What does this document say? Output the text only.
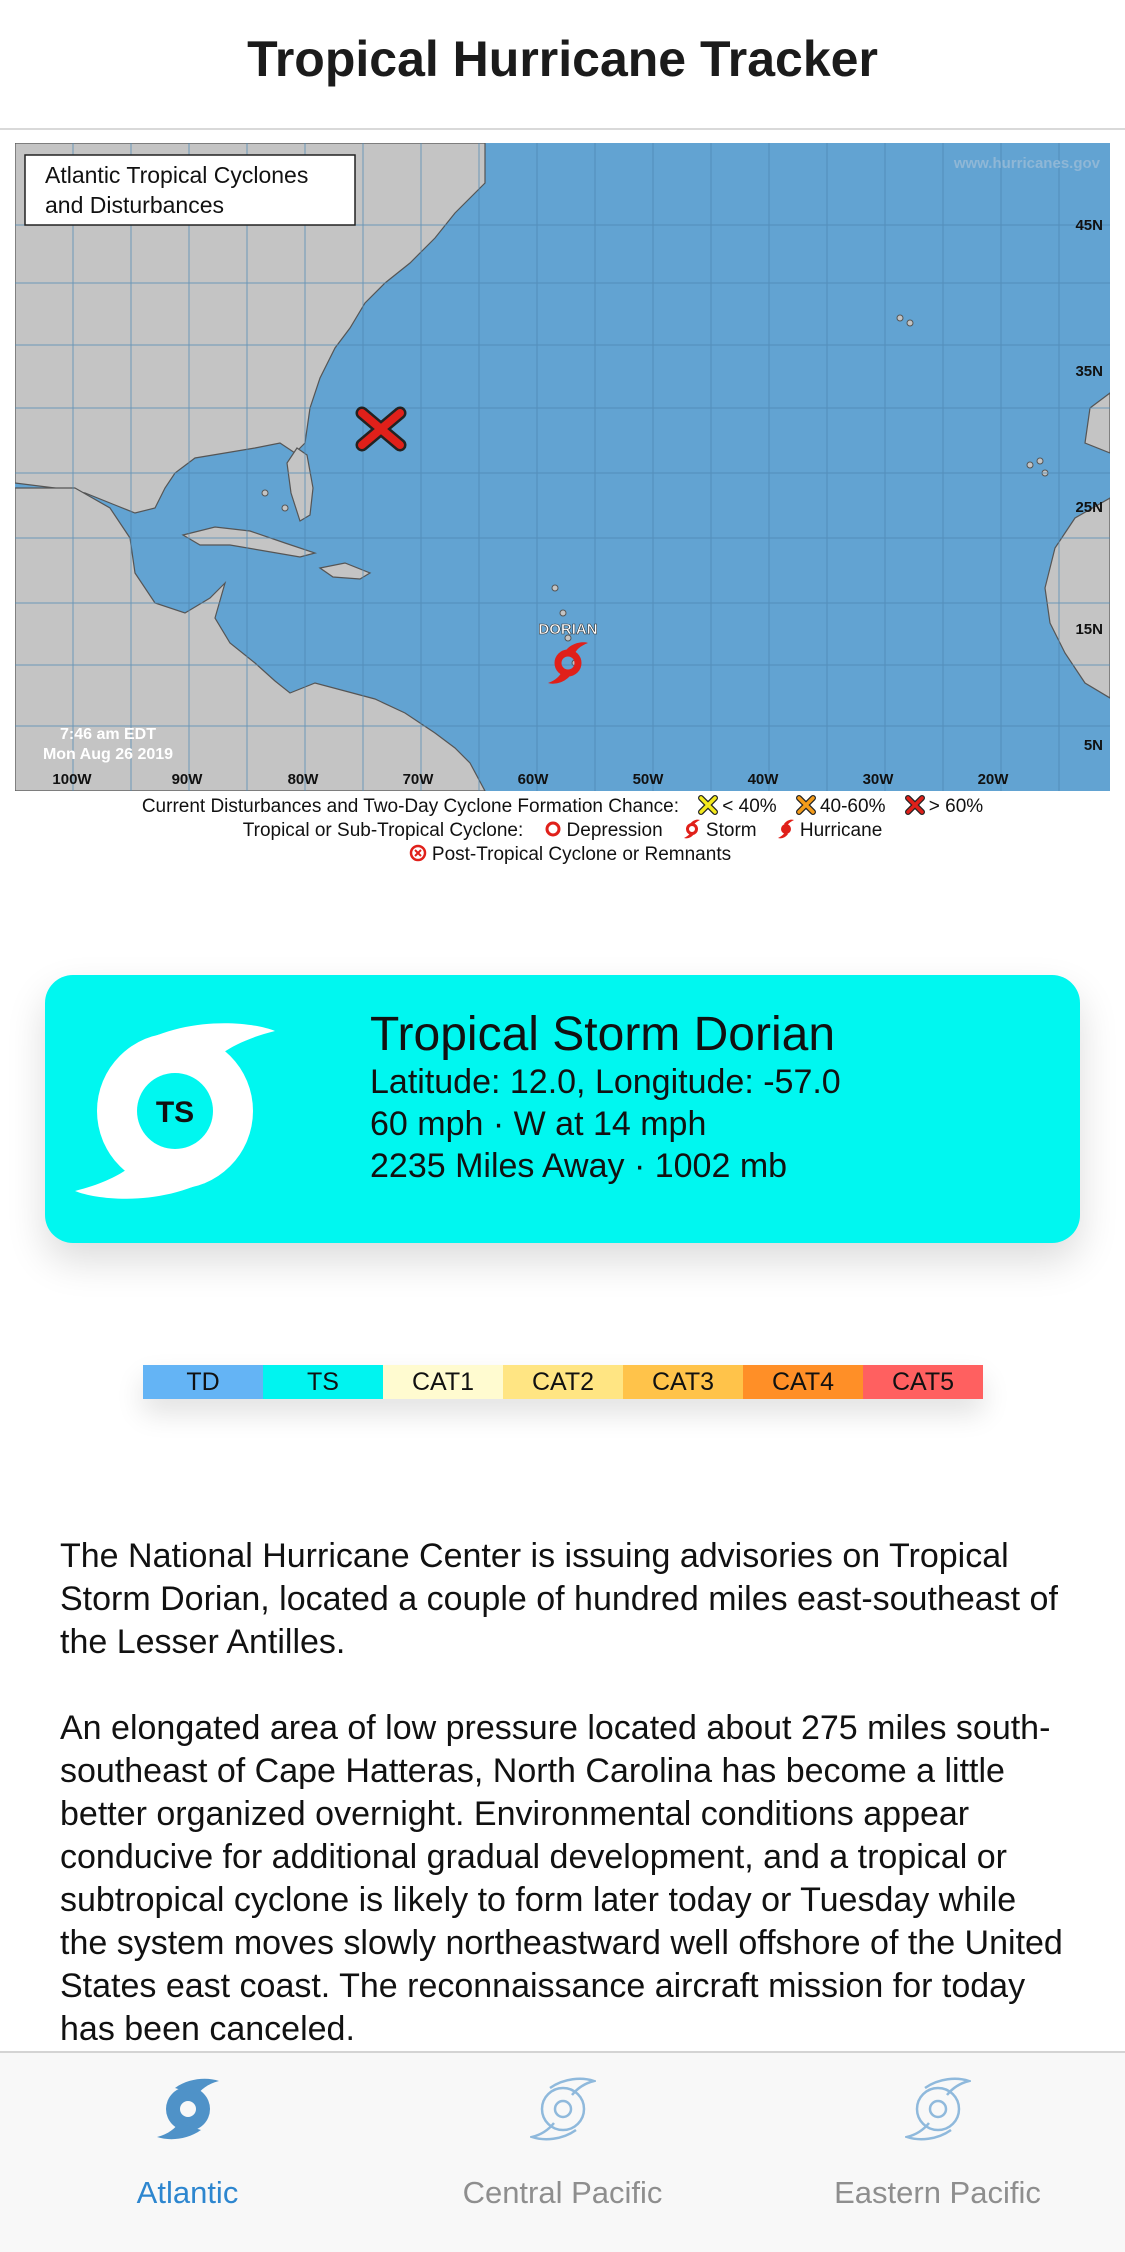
Tropical Hurricane Tracker
Atlantic Tropical Cyclones
and Disturbances
www.hurricanes.gov
45N
35N
25N
15N
5N
100W	90W	80W	70W	60W	50W	40W	30W	20W
7:46 am EDT
Mon Aug 26 2019
DORIAN
Current Disturbances and Two-Day Cyclone Formation Chance: < 40% 40-60% > 60%
Tropical or Sub-Tropical Cyclone: Depression Storm Hurricane
Post-Tropical Cyclone or Remnants
TS
Tropical Storm Dorian
Latitude: 12.0, Longitude: -57.0
60 mph · W at 14 mph
2235 Miles Away · 1002 mb
TD	TS	CAT1	CAT2	CAT3	CAT4	CAT5

The National Hurricane Center is issuing advisories on Tropical Storm Dorian, located a couple of hundred miles east-southeast of the Lesser Antilles.

An elongated area of low pressure located about 275 miles south- southeast of Cape Hatteras, North Carolina has become a little better organized overnight. Environmental conditions appear conducive for additional gradual development, and a tropical or subtropical cyclone is likely to form later today or Tuesday while the system moves slowly northeastward well offshore of the United States east coast. The reconnaissance aircraft mission for today has been canceled.

Atlantic	Central Pacific	Eastern Pacific
